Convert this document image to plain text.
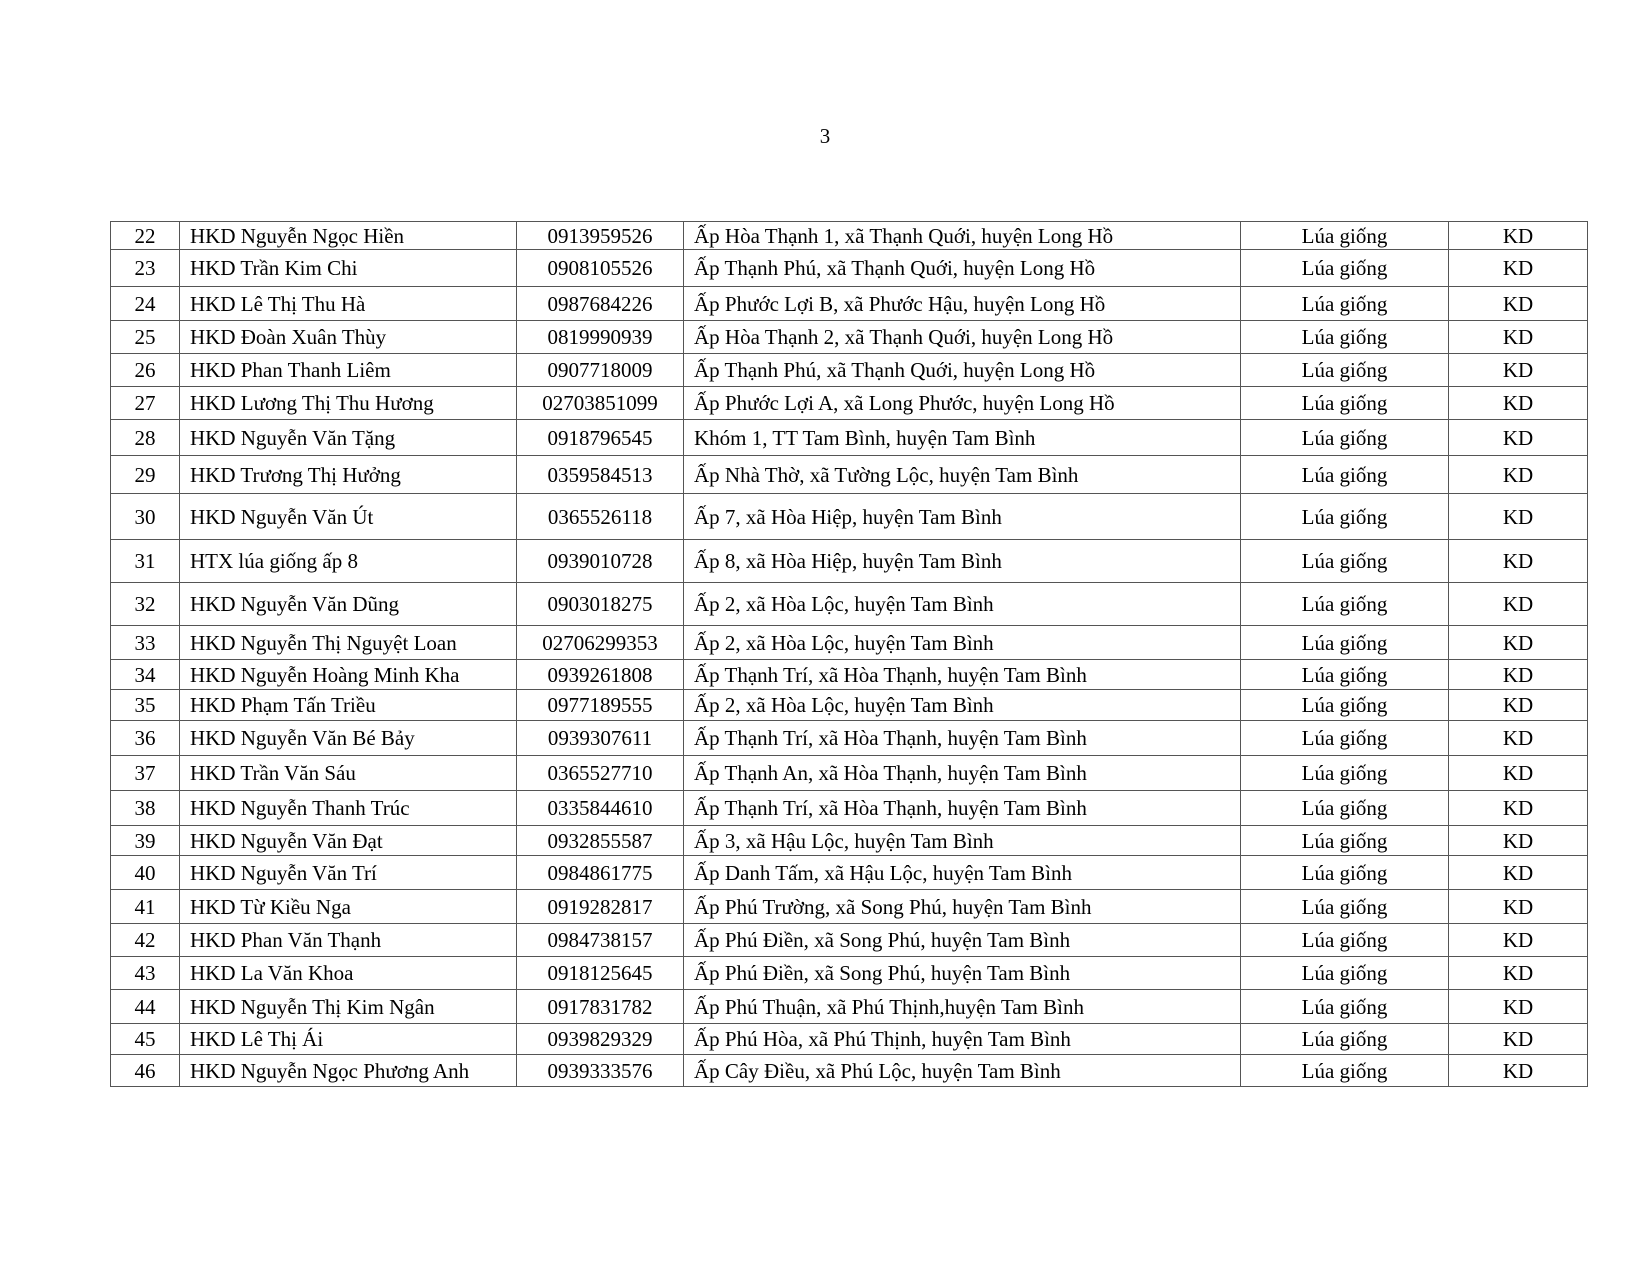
3
22	HKD Nguyễn Ngọc Hiền	0913959526	Ấp Hòa Thạnh 1, xã Thạnh Quới, huyện Long Hồ	Lúa giống	KD
23	HKD Trần Kim Chi	0908105526	Ấp Thạnh Phú, xã Thạnh Quới, huyện Long Hồ	Lúa giống	KD
24	HKD Lê Thị Thu Hà	0987684226	Ấp Phước Lợi B, xã Phước Hậu, huyện Long Hồ	Lúa giống	KD
25	HKD Đoàn Xuân Thùy	0819990939	Ấp Hòa Thạnh 2, xã Thạnh Quới, huyện Long Hồ	Lúa giống	KD
26	HKD Phan Thanh Liêm	0907718009	Ấp Thạnh Phú, xã Thạnh Quới, huyện Long Hồ	Lúa giống	KD
27	HKD Lương Thị Thu Hương	02703851099	Ấp Phước Lợi A, xã Long Phước, huyện Long Hồ	Lúa giống	KD
28	HKD Nguyễn Văn Tặng	0918796545	Khóm 1, TT Tam Bình, huyện Tam Bình	Lúa giống	KD
29	HKD Trương Thị Hưởng	0359584513	Ấp Nhà Thờ, xã Tường Lộc, huyện Tam Bình	Lúa giống	KD
30	HKD Nguyễn Văn Út	0365526118	Ấp 7, xã Hòa Hiệp, huyện Tam Bình	Lúa giống	KD
31	HTX lúa giống ấp 8	0939010728	Ấp 8, xã Hòa Hiệp, huyện Tam Bình	Lúa giống	KD
32	HKD Nguyễn Văn Dũng	0903018275	Ấp 2, xã Hòa Lộc, huyện Tam Bình	Lúa giống	KD
33	HKD Nguyễn Thị Nguyệt Loan	02706299353	Ấp 2, xã Hòa Lộc, huyện Tam Bình	Lúa giống	KD
34	HKD Nguyễn Hoàng Minh Kha	0939261808	Ấp Thạnh Trí, xã Hòa Thạnh, huyện Tam Bình	Lúa giống	KD
35	HKD Phạm Tấn Triều	0977189555	Ấp 2, xã Hòa Lộc, huyện Tam Bình	Lúa giống	KD
36	HKD Nguyễn Văn Bé Bảy	0939307611	Ấp Thạnh Trí, xã Hòa Thạnh, huyện Tam Bình	Lúa giống	KD
37	HKD Trần Văn Sáu	0365527710	Ấp Thạnh An, xã Hòa Thạnh, huyện Tam Bình	Lúa giống	KD
38	HKD Nguyễn Thanh Trúc	0335844610	Ấp Thạnh Trí, xã Hòa Thạnh, huyện Tam Bình	Lúa giống	KD
39	HKD Nguyễn Văn Đạt	0932855587	Ấp 3, xã Hậu Lộc, huyện Tam Bình	Lúa giống	KD
40	HKD Nguyễn Văn Trí	0984861775	Ấp Danh Tấm, xã Hậu Lộc, huyện Tam Bình	Lúa giống	KD
41	HKD Từ Kiều Nga	0919282817	Ấp Phú Trường, xã Song Phú, huyện Tam Bình	Lúa giống	KD
42	HKD Phan Văn Thạnh	0984738157	Ấp Phú Điền, xã Song Phú, huyện Tam Bình	Lúa giống	KD
43	HKD La Văn Khoa	0918125645	Ấp Phú Điền, xã Song Phú, huyện Tam Bình	Lúa giống	KD
44	HKD Nguyễn Thị Kim Ngân	0917831782	Ấp Phú Thuận, xã Phú Thịnh,huyện Tam Bình	Lúa giống	KD
45	HKD Lê Thị Ái	0939829329	Ấp Phú Hòa, xã Phú Thịnh, huyện Tam Bình	Lúa giống	KD
46	HKD Nguyễn Ngọc Phương Anh	0939333576	Ấp Cây Điều, xã Phú Lộc, huyện Tam Bình	Lúa giống	KD
